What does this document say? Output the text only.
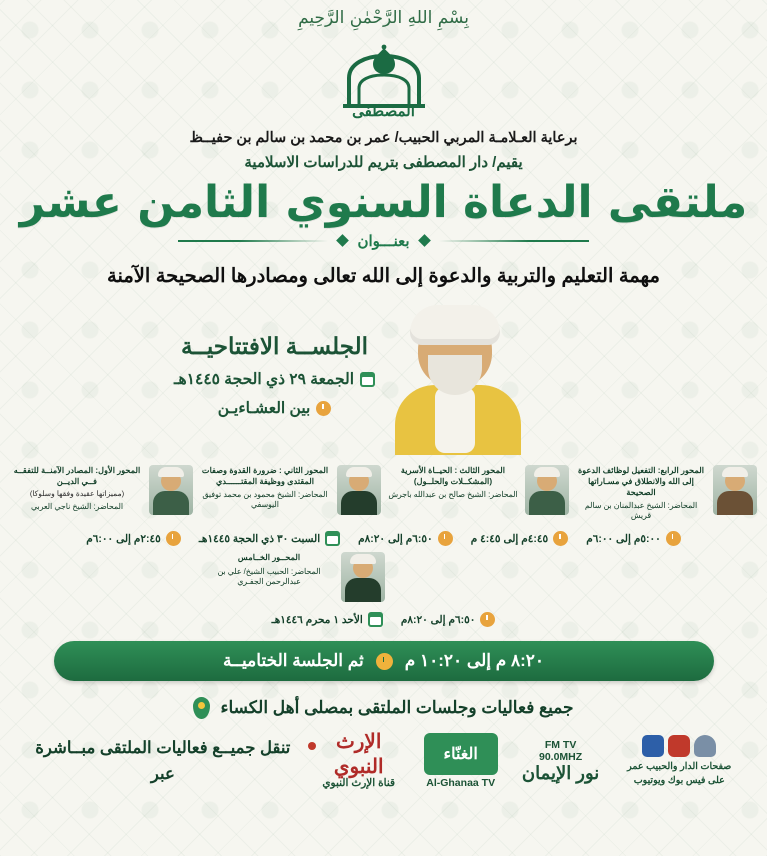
بِسْمِ اللهِ الرَّحْمٰنِ الرَّحِيمِ
المصطفى
برعاية العـلامـة المربي الحبيب/ عمر بن محمد بن سالم بن حفيــظ
يقيم/ دار المصطفى بتريم للدراسات الاسلامية
ملتقى الدعاة السنوي الثامن عشر
بعنـــوان
مهمة التعليم والتربية والدعوة إلى الله تعالى ومصادرها الصحيحة الآمنة
الجلســة الافتتاحيــة
الجمعة ٢٩ ذي الحجة ١٤٤٥هـ
بين العشـاءيـن
المحور الرابع: التفعيل لوظائف الدعوة إلى الله والانطلاق في مسـاراتها الصحيحة
المحاضر: الشيخ عبدالمنان بن سالم قريش
المحور الثالث : الحيــاة الأسرية (المشكــلات والحلــول)
المحاضر: الشيخ صالح بن عبدالله باجرش
المحور الثاني : ضرورة القدوة وصفات المقتدى ووظيفة المقتــــــدي
المحاضر: الشيخ محمود بن محمد توفيق اليوسفي
المحور الأول: المصادر الآمنــة للتفقــه فــي الديــن
(مميزاتها عقيدة وفقها وسلوكا)
المحاضر: الشيخ ناجي العربي
٥:٠٠م إلى ٦:٠٠م
٤:٤٥م إلى ٤:٤٥ م
٦:٥٠م إلى ٨:٢٠م
السبت ٣٠ ذي الحجة ١٤٤٥هـ
٢:٤٥م إلى ٦:٠٠م
المحــور الخــامس
المحاضر: الحبيب الشيخ/ علي بن عبدالرحمن الجفـري
٦:٥٠م إلى ٨:٢٠م
الأحد ١ محرم ١٤٤٦هـ
٨:٢٠ م إلى ١٠:٢٠ م
ثم الجلسة الختاميــة
جميع فعاليات وجلسات الملتقى بمصلى أهل الكساء
صفحات الدار والحبيب عمر على فيس بوك ويوتيوب
FM TV
90.0MHZ
نور الإيمان
الغنّاء
Al-Ghanaa TV
الإرث النبوي
قناة الإرث النبوي
تنقل جميــع فعاليات الملتقى مبــاشرة عبر
